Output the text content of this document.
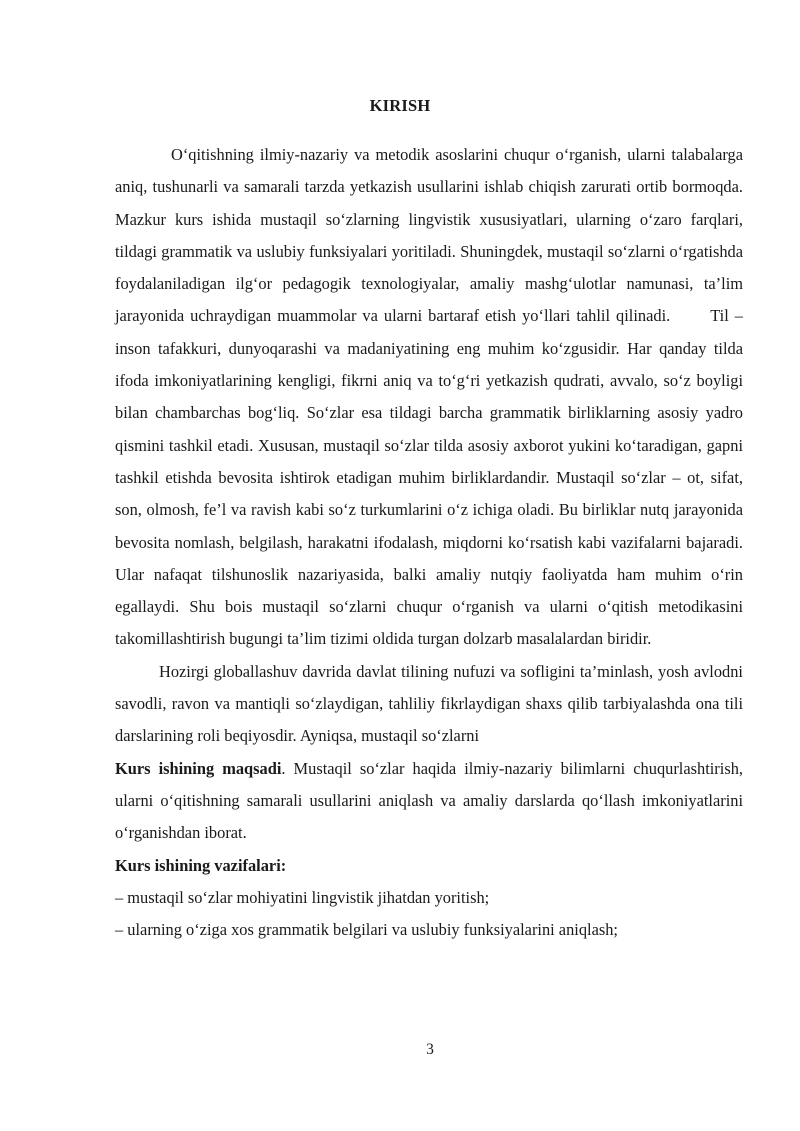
KIRISH

O‘qitishning ilmiy-nazariy va metodik asoslarini chuqur o‘rganish, ularni talabalarga aniq, tushunarli va samarali tarzda yetkazish usullarini ishlab chiqish zarurati ortib bormoqda. Mazkur kurs ishida mustaqil so‘zlarning lingvistik xususiyatlari, ularning o‘zaro farqlari, tildagi grammatik va uslubiy funksiyalari yoritiladi. Shuningdek, mustaqil so‘zlarni o‘rgatishda foydalaniladigan ilg‘or pedagogik texnologiyalar, amaliy mashg‘ulotlar namunasi, ta’lim jarayonida uchraydigan muammolar va ularni bartaraf etish yo‘llari tahlil qilinadi. Til – inson tafakkuri, dunyoqarashi va madaniyatining eng muhim ko‘zgusidir. Har qanday tilda ifoda imkoniyatlarining kengligi, fikrni aniq va to‘g‘ri yetkazish qudrati, avvalo, so‘z boyligi bilan chambarchas bog‘liq. So‘zlar esa tildagi barcha grammatik birliklarning asosiy yadro qismini tashkil etadi. Xususan, mustaqil so‘zlar tilda asosiy axborot yukini ko‘taradigan, gapni tashkil etishda bevosita ishtirok etadigan muhim birliklardandir. Mustaqil so‘zlar – ot, sifat, son, olmosh, fe’l va ravish kabi so‘z turkumlarini o‘z ichiga oladi. Bu birliklar nutq jarayonida bevosita nomlash, belgilash, harakatni ifodalash, miqdorni ko‘rsatish kabi vazifalarni bajaradi. Ular nafaqat tilshunoslik nazariyasida, balki amaliy nutqiy faoliyatda ham muhim o‘rin egallaydi. Shu bois mustaqil so‘zlarni chuqur o‘rganish va ularni o‘qitish metodikasini takomillashtirish bugungi ta’lim tizimi oldida turgan dolzarb masalalardan biridir.

Hozirgi globallashuv davrida davlat tilining nufuzi va sofligini ta’minlash, yosh avlodni savodli, ravon va mantiqli so‘zlaydigan, tahliliy fikrlaydigan shaxs qilib tarbiyalashda ona tili darslarining roli beqiyosdir. Ayniqsa, mustaqil so‘zlarni

Kurs ishining maqsadi. Mustaqil so‘zlar haqida ilmiy-nazariy bilimlarni chuqurlashtirish, ularni o‘qitishning samarali usullarini aniqlash va amaliy darslarda qo‘llash imkoniyatlarini o‘rganishdan iborat.

Kurs ishining vazifalari:

– mustaqil so‘zlar mohiyatini lingvistik jihatdan yoritish;

– ularning o‘ziga xos grammatik belgilari va uslubiy funksiyalarini aniqlash;

3
